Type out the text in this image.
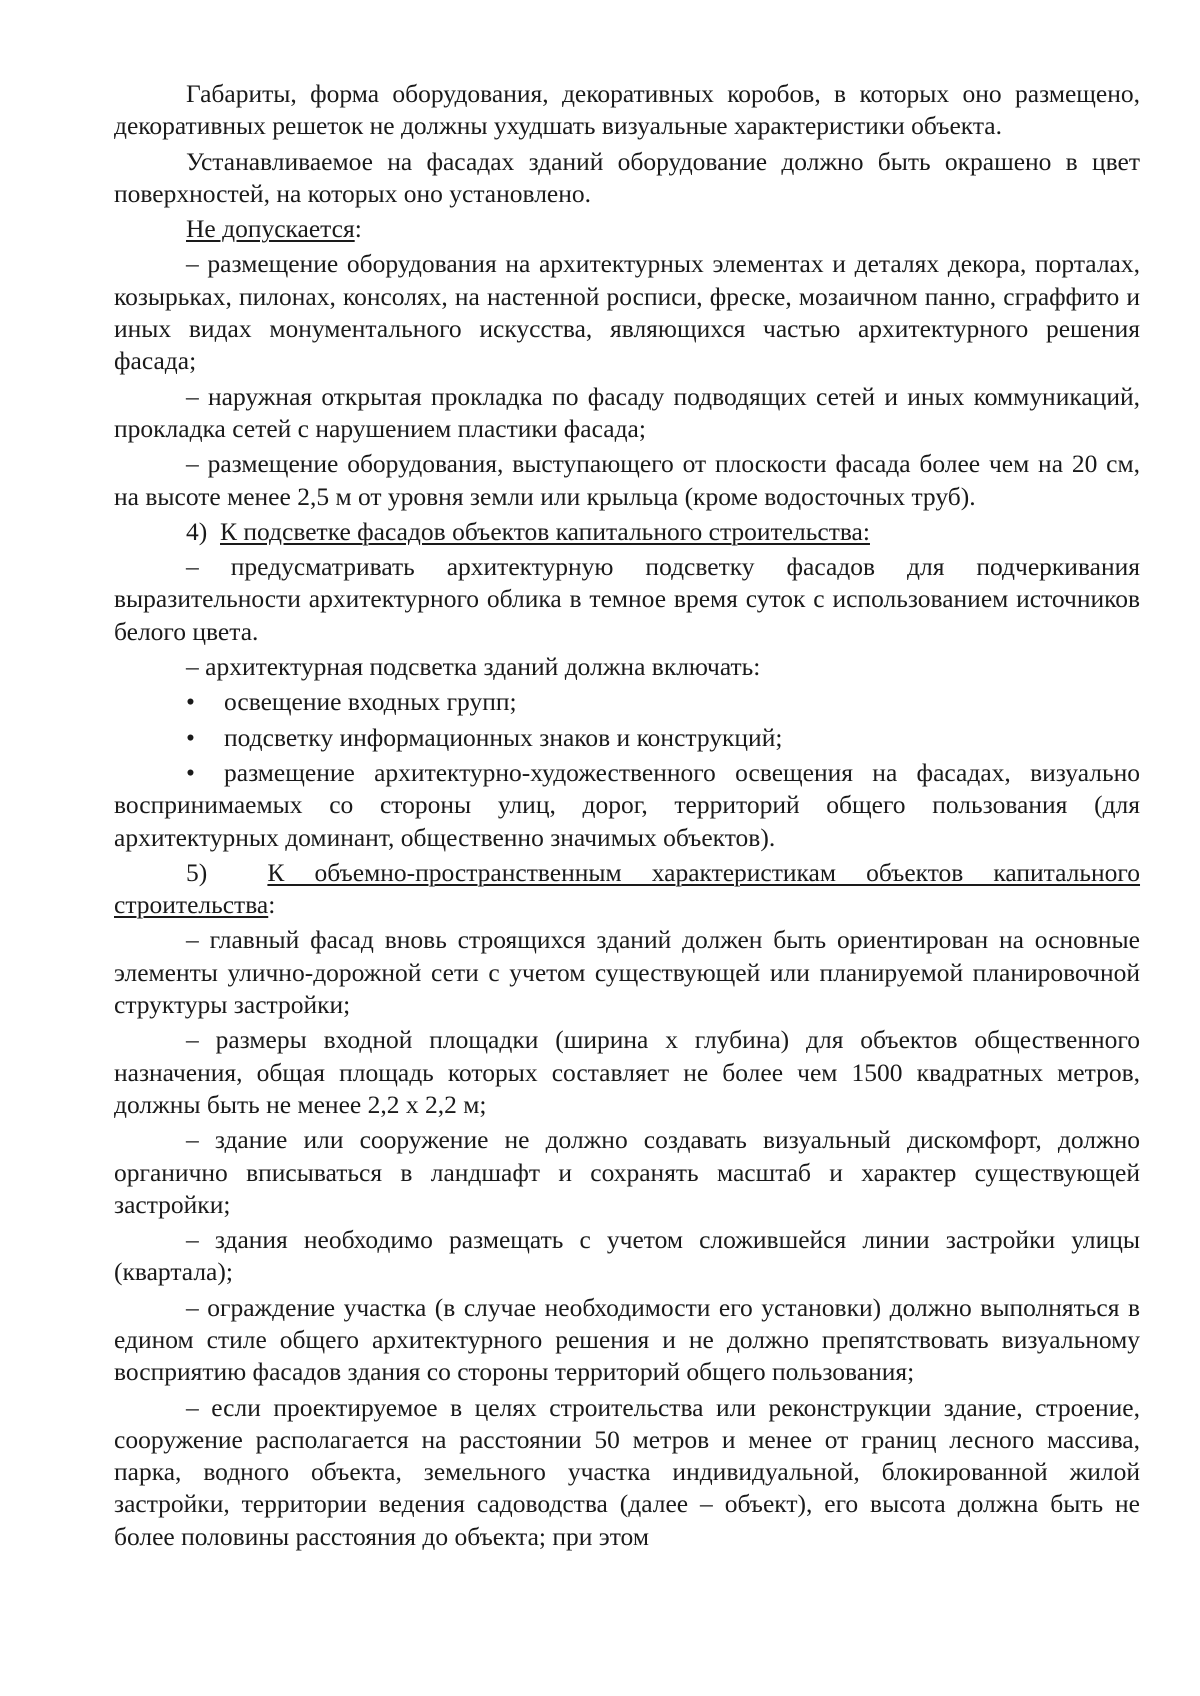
Габариты, форма оборудования, декоративных коробов, в которых оно размещено, декоративных решеток не должны ухудшать визуальные характеристики объекта.

Устанавливаемое на фасадах зданий оборудование должно быть окрашено в цвет поверхностей, на которых оно установлено.

Не допускается:

– размещение оборудования на архитектурных элементах и деталях декора, порталах, козырьках, пилонах, консолях, на настенной росписи, фреске, мозаичном панно, сграффито и иных видах монументального искусства, являющихся частью архитектурного решения фасада;

– наружная открытая прокладка по фасаду подводящих сетей и иных коммуникаций, прокладка сетей с нарушением пластики фасада;

– размещение оборудования, выступающего от плоскости фасада более чем на 20 см, на высоте менее 2,5 м от уровня земли или крыльца (кроме водосточных труб).

4) К подсветке фасадов объектов капитального строительства:

– предусматривать архитектурную подсветку фасадов для подчеркивания выразительности архитектурного облика в темное время суток с использованием источников белого цвета.

– архитектурная подсветка зданий должна включать:

• освещение входных групп;

• подсветку информационных знаков и конструкций;

• размещение архитектурно-художественного освещения на фасадах, визуально воспринимаемых со стороны улиц, дорог, территорий общего пользования (для архитектурных доминант, общественно значимых объектов).

5) К объемно-пространственным характеристикам объектов капитального строительства:

– главный фасад вновь строящихся зданий должен быть ориентирован на основные элементы улично-дорожной сети с учетом существующей или планируемой планировочной структуры застройки;

– размеры входной площадки (ширина х глубина) для объектов общественного назначения, общая площадь которых составляет не более чем 1500 квадратных метров, должны быть не менее 2,2 х 2,2 м;

– здание или сооружение не должно создавать визуальный дискомфорт, должно органично вписываться в ландшафт и сохранять масштаб и характер существующей застройки;

– здания необходимо размещать с учетом сложившейся линии застройки улицы (квартала);

– ограждение участка (в случае необходимости его установки) должно выполняться в едином стиле общего архитектурного решения и не должно препятствовать визуальному восприятию фасадов здания со стороны территорий общего пользования;

– если проектируемое в целях строительства или реконструкции здание, строение, сооружение располагается на расстоянии 50 метров и менее от границ лесного массива, парка, водного объекта, земельного участка индивидуальной, блокированной жилой застройки, территории ведения садоводства (далее – объект), его высота должна быть не более половины расстояния до объекта; при этом
